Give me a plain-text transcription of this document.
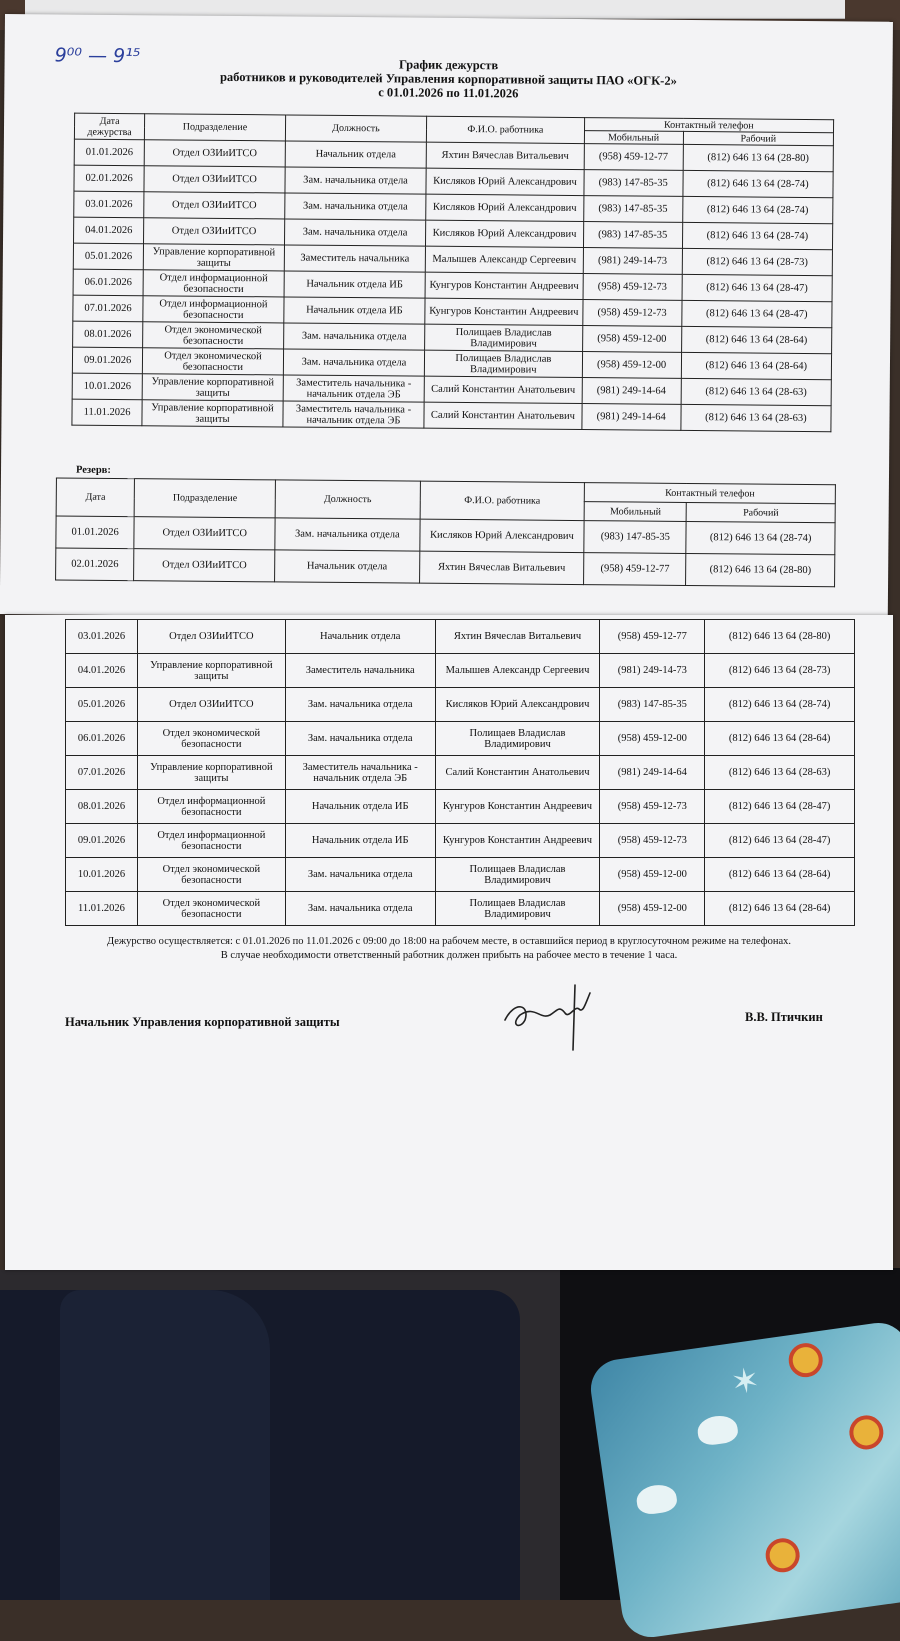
✶
9⁰⁰ — 9¹⁵	График дежурств
работников и руководителей Управления корпоративной защиты ПАО «ОГК-2»
с 01.01.2026 по 11.01.2026
Дата дежурства	Подразделение	Должность	Ф.И.О. работника	Контактный телефон	
				Мобильный	Рабочий
01.01.2026	Отдел ОЗИиИТСО	Начальник отдела	Яхтин Вячеслав Витальевич	(958) 459-12-77	(812) 646 13 64 (28-80)
02.01.2026	Отдел ОЗИиИТСО	Зам. начальника отдела	Кисляков Юрий Александрович	(983) 147-85-35	(812) 646 13 64 (28-74)
03.01.2026	Отдел ОЗИиИТСО	Зам. начальника отдела	Кисляков Юрий Александрович	(983) 147-85-35	(812) 646 13 64 (28-74)
04.01.2026	Отдел ОЗИиИТСО	Зам. начальника отдела	Кисляков Юрий Александрович	(983) 147-85-35	(812) 646 13 64 (28-74)
05.01.2026	Управление корпоративной защиты	Заместитель начальника	Малышев Александр Сергеевич	(981) 249-14-73	(812) 646 13 64 (28-73)
06.01.2026	Отдел информационной безопасности	Начальник отдела ИБ	Кунгуров Константин Андреевич	(958) 459-12-73	(812) 646 13 64 (28-47)
07.01.2026	Отдел информационной безопасности	Начальник отдела ИБ	Кунгуров Константин Андреевич	(958) 459-12-73	(812) 646 13 64 (28-47)
08.01.2026	Отдел экономической безопасности	Зам. начальника отдела	Полищаев Владислав Владимирович	(958) 459-12-00	(812) 646 13 64 (28-64)
09.01.2026	Отдел экономической безопасности	Зам. начальника отдела	Полищаев Владислав Владимирович	(958) 459-12-00	(812) 646 13 64 (28-64)
10.01.2026	Управление корпоративной защиты	Заместитель начальника - начальник отдела ЭБ	Салий Константин Анатольевич	(981) 249-14-64	(812) 646 13 64 (28-63)
11.01.2026	Управление корпоративной защиты	Заместитель начальника - начальник отдела ЭБ	Салий Константин Анатольевич	(981) 249-14-64	(812) 646 13 64 (28-63)
Резерв:
Дата	Подразделение	Должность	Ф.И.О. работника	Контактный телефон	
				Мобильный	Рабочий
01.01.2026	Отдел ОЗИиИТСО	Зам. начальника отдела	Кисляков Юрий Александрович	(983) 147-85-35	(812) 646 13 64 (28-74)
02.01.2026	Отдел ОЗИиИТСО	Начальник отдела	Яхтин Вячеслав Витальевич	(958) 459-12-77	(812) 646 13 64 (28-80)
03.01.2026	Отдел ОЗИиИТСО	Начальник отдела	Яхтин Вячеслав Витальевич	(958) 459-12-77	(812) 646 13 64 (28-80)
04.01.2026	Управление корпоративной защиты	Заместитель начальника	Малышев Александр Сергеевич	(981) 249-14-73	(812) 646 13 64 (28-73)
05.01.2026	Отдел ОЗИиИТСО	Зам. начальника отдела	Кисляков Юрий Александрович	(983) 147-85-35	(812) 646 13 64 (28-74)
06.01.2026	Отдел экономической безопасности	Зам. начальника отдела	Полищаев Владислав Владимирович	(958) 459-12-00	(812) 646 13 64 (28-64)
07.01.2026	Управление корпоративной защиты	Заместитель начальника - начальник отдела ЭБ	Салий Константин Анатольевич	(981) 249-14-64	(812) 646 13 64 (28-63)
08.01.2026	Отдел информационной безопасности	Начальник отдела ИБ	Кунгуров Константин Андреевич	(958) 459-12-73	(812) 646 13 64 (28-47)
09.01.2026	Отдел информационной безопасности	Начальник отдела ИБ	Кунгуров Константин Андреевич	(958) 459-12-73	(812) 646 13 64 (28-47)
10.01.2026	Отдел экономической безопасности	Зам. начальника отдела	Полищаев Владислав Владимирович	(958) 459-12-00	(812) 646 13 64 (28-64)
11.01.2026	Отдел экономической безопасности	Зам. начальника отдела	Полищаев Владислав Владимирович	(958) 459-12-00	(812) 646 13 64 (28-64)
Дежурство осуществляется: с 01.01.2026 по 11.01.2026 с 09:00 до 18:00 на рабочем месте, в оставшийся период в круглосуточном режиме на телефонах.
В случае необходимости ответственный работник должен прибыть на рабочее место в течение 1 часа.
Начальник Управления корпоративной защиты	В.В. Птичкин
